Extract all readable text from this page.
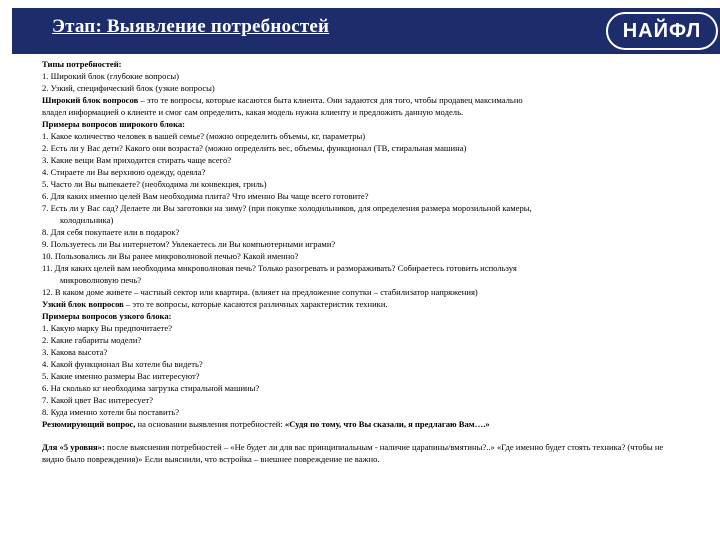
Этап: Выявление потребностей	НАЙФЛ
Типы потребностей:
1. Широкий блок (глубокие вопросы)
2. Узкий, специфический блок (узкие вопросы)
Широкий блок вопросов – это те вопросы, которые касаются быта клиента. Они задаются для того, чтобы продавец максимально
владел информацией о клиенте и смог сам определить, какая модель нужна клиенту и предложить данную модель.
Примеры вопросов широкого блока:
1. Какое количество человек в вашей семье? (можно определить объемы, кг, параметры)
2. Есть ли у Вас дети? Какого они возраста? (можно определить вес, объемы, функционал (ТВ, стиральная машина)
3. Какие вещи Вам приходится стирать чаще всего?
4. Стираете ли Вы верхнюю одежду, одеяла?
5. Часто ли Вы выпекаете? (необходима ли конвекция, гриль)
6. Для каких именно целей Вам необходима плита? Что именно Вы чаще всего готовите?
7. Есть ли у Вас сад? Делаете ли Вы заготовки на зиму? (при покупке холодильников, для определения размера морозильной камеры,
колодильника)
8. Для себя покупаете или в подарок?
9. Пользуетесь ли Вы интернетом? Увлекаетесь ли Вы компьютерными играми?
10. Пользовались ли Вы ранее микроволновой печью? Какой именно?
11. Для каких целей вам необходима микроволновая печь? Только разогревать и размораживать? Собираетесь готовить используя
микроволновую печь?
12. В каком доме живете – частный сектор или квартира. (влияет на предложение сопутки – стабилизатор напряжения)
Узкий блок вопросов – это те вопросы, которые касаются различных характеристик техники.
Примеры вопросов узкого блока:
1. Какую марку Вы предпочитаете?
2. Какие габариты модели?
3. Какова высота?
4. Какой функционал Вы хотели бы видеть?
5. Какие именно размеры Вас интересуют?
6. На сколько кг необходима загрузка стиральной машины?
7. Какой цвет Вас интересует?
8. Куда именно хотели бы поставить?
Резюмирующий вопрос, на основании выявления потребностей: «Судя по тому, что Вы сказали, я предлагаю Вам….»
Для «5 уровня»: после выяснения потребностей – «Не будет ли для вас принципиальным - наличие царапины/вмятины?..» «Где именно будет стоять техника? (чтобы не видно было повреждения)» Если выяснили, что встройка – внешнее повреждение не важно.
